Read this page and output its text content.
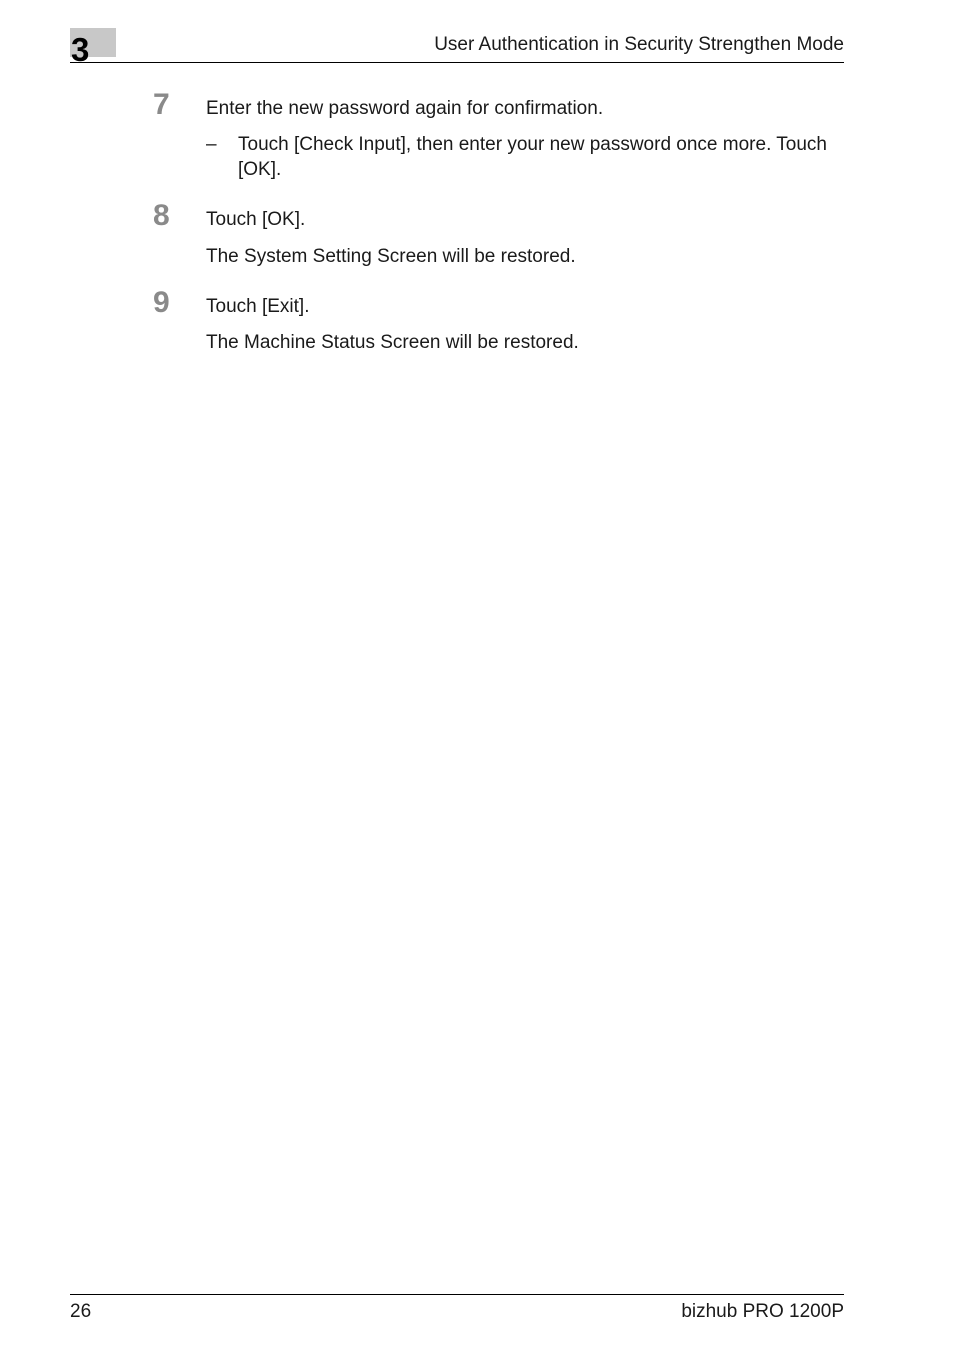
3	User Authentication in Security Strengthen Mode
7 Enter the new password again for confirmation.
– Touch [Check Input], then enter your new password once more. Touch [OK].

8 Touch [OK].
The System Setting Screen will be restored.
9 Touch [Exit].
The Machine Status Screen will be restored.
26	bizhub PRO 1200P
